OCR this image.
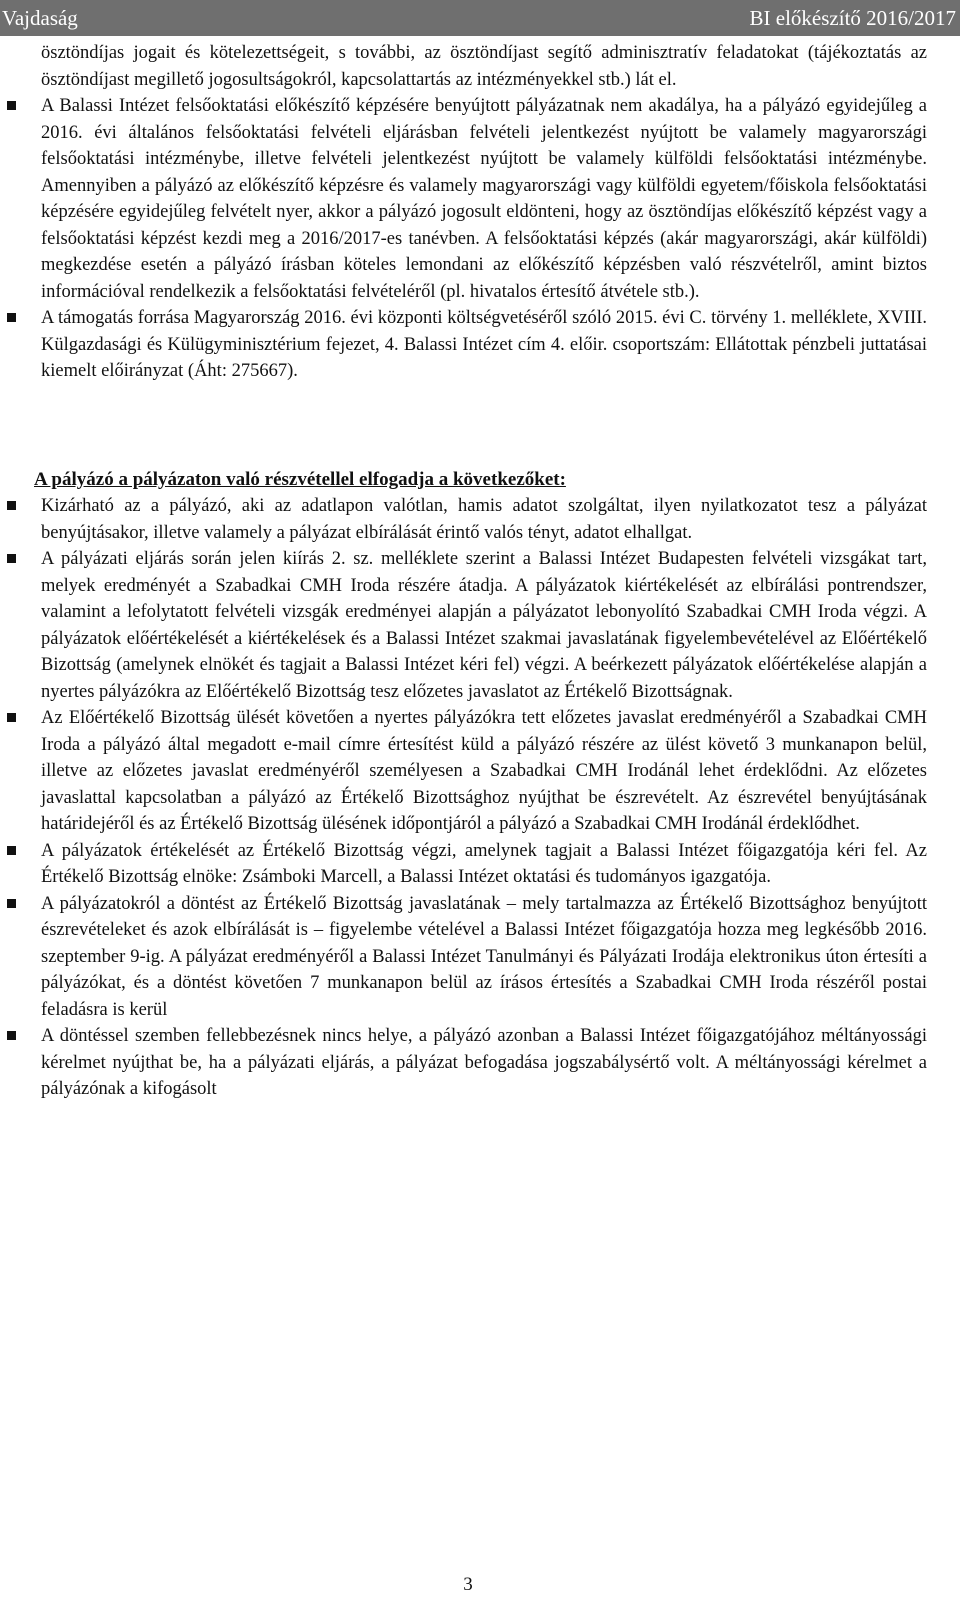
Vajdaság	BI előkészítő 2016/2017

ösztöndíjas jogait és kötelezettségeit, s további, az ösztöndíjast segítő adminisztratív feladatokat (tájékoztatás az ösztöndíjast megillető jogosultságokról, kapcsolattartás az intézményekkel stb.) lát el.

A Balassi Intézet felsőoktatási előkészítő képzésére benyújtott pályázatnak nem akadálya, ha a pályázó egyidejűleg a 2016. évi általános felsőoktatási felvételi eljárásban felvételi jelentkezést nyújtott be valamely magyarországi felsőoktatási intézménybe, illetve felvételi jelentkezést nyújtott be valamely külföldi felsőoktatási intézménybe. Amennyiben a pályázó az előkészítő képzésre és valamely magyarországi vagy külföldi egyetem/főiskola felsőoktatási képzésére egyidejűleg felvételt nyer, akkor a pályázó jogosult eldönteni, hogy az ösztöndíjas előkészítő képzést vagy a felsőoktatási képzést kezdi meg a 2016/2017-es tanévben. A felsőoktatási képzés (akár magyarországi, akár külföldi) megkezdése esetén a pályázó írásban köteles lemondani az előkészítő képzésben való részvételről, amint biztos információval rendelkezik a felsőoktatási felvételéről (pl. hivatalos értesítő átvétele stb.).
A támogatás forrása Magyarország 2016. évi központi költségvetéséről szóló 2015. évi C. törvény 1. melléklete, XVIII. Külgazdasági és Külügyminisztérium fejezet, 4. Balassi Intézet cím 4. előir. csoportszám: Ellátottak pénzbeli juttatásai kiemelt előirányzat (Áht: 275667).
A pályázó a pályázaton való részvétellel elfogadja a következőket:
Kizárható az a pályázó, aki az adatlapon valótlan, hamis adatot szolgáltat, ilyen nyilatkozatot tesz a pályázat benyújtásakor, illetve valamely a pályázat elbírálását érintő valós tényt, adatot elhallgat.
A pályázati eljárás során jelen kiírás 2. sz. melléklete szerint a Balassi Intézet Budapesten felvételi vizsgákat tart, melyek eredményét a Szabadkai CMH Iroda részére átadja. A pályázatok kiértékelését az elbírálási pontrendszer, valamint a lefolytatott felvételi vizsgák eredményei alapján a pályázatot lebonyolító Szabadkai CMH Iroda végzi. A pályázatok előértékelését a kiértékelések és a Balassi Intézet szakmai javaslatának figyelembevételével az Előértékelő Bizottság (amelynek elnökét és tagjait a Balassi Intézet kéri fel) végzi. A beérkezett pályázatok előértékelése alapján a nyertes pályázókra az Előértékelő Bizottság tesz előzetes javaslatot az Értékelő Bizottságnak.
Az Előértékelő Bizottság ülését követően a nyertes pályázókra tett előzetes javaslat eredményéről a Szabadkai CMH Iroda a pályázó által megadott e-mail címre értesítést küld a pályázó részére az ülést követő 3 munkanapon belül, illetve az előzetes javaslat eredményéről személyesen a Szabadkai CMH Irodánál lehet érdeklődni. Az előzetes javaslattal kapcsolatban a pályázó az Értékelő Bizottsághoz nyújthat be észrevételt. Az észrevétel benyújtásának határidejéről és az Értékelő Bizottság ülésének időpontjáról a pályázó a Szabadkai CMH Irodánál érdeklődhet.
A pályázatok értékelését az Értékelő Bizottság végzi, amelynek tagjait a Balassi Intézet főigazgatója kéri fel. Az Értékelő Bizottság elnöke: Zsámboki Marcell, a Balassi Intézet oktatási és tudományos igazgatója.
A pályázatokról a döntést az Értékelő Bizottság javaslatának – mely tartalmazza az Értékelő Bizottsághoz benyújtott észrevételeket és azok elbírálását is – figyelembe vételével a Balassi Intézet főigazgatója hozza meg legkésőbb 2016. szeptember 9-ig. A pályázat eredményéről a Balassi Intézet Tanulmányi és Pályázati Irodája elektronikus úton értesíti a pályázókat, és a döntést követően 7 munkanapon belül az írásos értesítés a Szabadkai CMH Iroda részéről postai feladásra is kerül
A döntéssel szemben fellebbezésnek nincs helye, a pályázó azonban a Balassi Intézet főigazgatójához méltányossági kérelmet nyújthat be, ha a pályázati eljárás, a pályázat befogadása jogszabálysértő volt. A méltányossági kérelmet a pályázónak a kifogásolt
3
